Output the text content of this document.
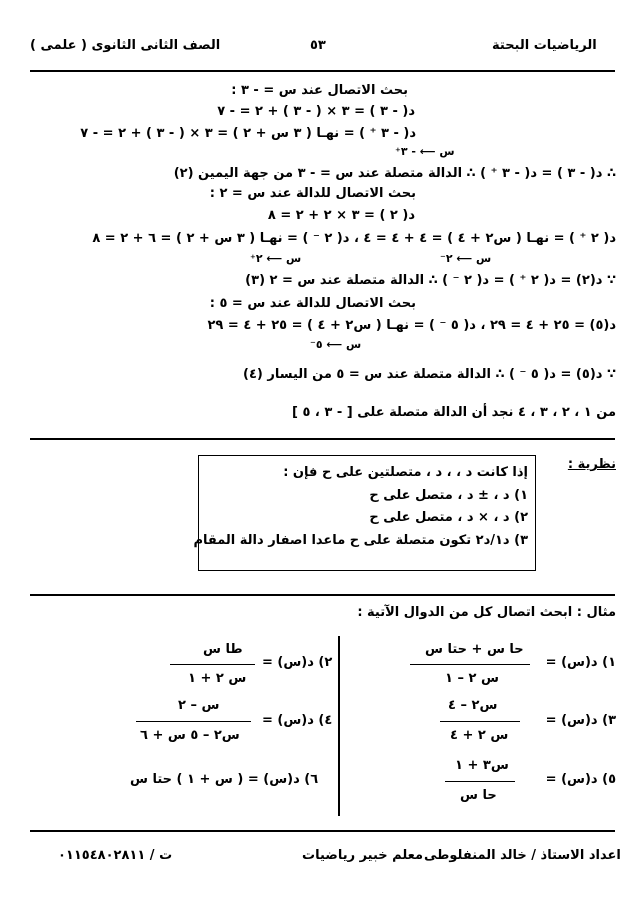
الصف الثانى الثانوى ( علمى )	٥٣	الرياضيات البحتة
بحث الاتصال عند س = - ٣ :
د( - ٣ ) = ٣ × ( - ٣ ) + ٢ = - ٧
د( - ٣ ⁺ ) = نهـا ( ٣ س + ٢ ) = ٣ × ( - ٣ ) + ٢ = - ٧
س ⟵ - ٣⁺
∴ د( - ٣ ) = د( - ٣ ⁺ ) ∴ الدالة متصلة عند س = - ٣ من جهة اليمين (٢)
بحث الاتصال للدالة عند س = ٢ :
د( ٢ ) = ٣ × ٢ + ٢ = ٨
د( ٢ ⁺ ) = نهـا ( س٢ + ٤ ) = ٤ + ٤ = ٤ ، د( ٢ ⁻ ) = نهـا ( ٣ س + ٢ ) = ٦ + ٢ = ٨
س ⟵ ٢⁺	س ⟵ ٢⁻
∵ د(٢) = د( ٢ ⁺ ) = د( ٢ ⁻ ) ∴ الدالة متصلة عند س = ٢ (٣)
بحث الاتصال للدالة عند س = ٥ :
د(٥) = ٢٥ + ٤ = ٢٩ ، د( ٥ ⁻ ) = نهـا ( س٢ + ٤ ) = ٢٥ + ٤ = ٢٩
س ⟵ ٥⁻
∵ د(٥) = د( ٥ ⁻ ) ∴ الدالة متصلة عند س = ٥ من اليسار (٤)
من ١ ، ٢ ، ٣ ، ٤ نجد أن الدالة متصلة على [ - ٣ ، ٥ ]
نظرية :
إذا كانت د ، ، د ، متصلتين على ح فإن :
١) د ، ± د ، متصل على ح
٢) د ، × د ، متصل على ح
٣) د١/د٢ تكون متصلة على ح ماعدا اصفار دالة المقام
مثال : ابحث اتصال كل من الدوال الآتية :
١) د(س) =
حا س + حتا س
س ٢ – ١
٢) د(س) =
طا س
س ٢ + ١
٣) د(س) =
س٢ – ٤
س ٢ + ٤
٤) د(س) =
س – ٢
س٢ – ٥ س + ٦
٥) د(س) =
س٣ + ١
حا س
٦) د(س) = ( س + ١ ) حتا س
اعداد الاستاذ / خالد المنفلوطى
معلم خبير رياضيات
ت / ٠١١٥٤٨٠٢٨١١
